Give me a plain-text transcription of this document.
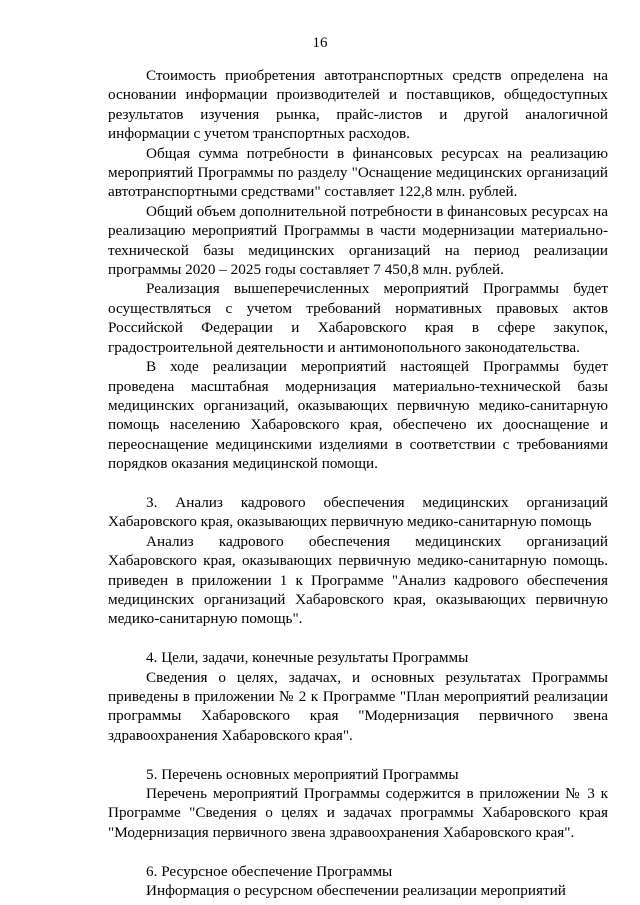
16

Стоимость приобретения автотранспортных средств определена на основании информации производителей и поставщиков, общедоступных результатов изучения рынка, прайс-листов и другой аналогичной информации с учетом транспортных расходов.

Общая сумма потребности в финансовых ресурсах на реализацию мероприятий Программы по разделу "Оснащение медицинских организаций автотранспортными средствами" составляет 122,8 млн. рублей.

Общий объем дополнительной потребности в финансовых ресурсах на реализацию мероприятий Программы в части модернизации материально-технической базы медицинских организаций на период реализации программы 2020 – 2025 годы составляет 7 450,8 млн. рублей.

Реализация вышеперечисленных мероприятий Программы будет осуществляться с учетом требований нормативных правовых актов Российской Федерации и Хабаровского края в сфере закупок, градостроительной деятельности и антимонопольного законодательства.

В ходе реализации мероприятий настоящей Программы будет проведена масштабная модернизация материально-технической базы медицинских организаций, оказывающих первичную медико-санитарную помощь населению Хабаровского края, обеспечено их дооснащение и переоснащение медицинскими изделиями в соответствии с требованиями порядков оказания медицинской помощи.

3. Анализ кадрового обеспечения медицинских организаций Хабаровского края, оказывающих первичную медико-санитарную помощь

Анализ кадрового обеспечения медицинских организаций Хабаровского края, оказывающих первичную медико-санитарную помощь. приведен в приложении 1 к Программе "Анализ кадрового обеспечения медицинских организаций Хабаровского края, оказывающих первичную медико-санитарную помощь".

4. Цели, задачи, конечные результаты Программы

Сведения о целях, задачах, и основных результатах Программы приведены в приложении № 2 к Программе "План мероприятий реализации программы Хабаровского края "Модернизация первичного звена здравоохранения Хабаровского края".

5. Перечень основных мероприятий Программы

Перечень мероприятий Программы содержится в приложении № 3 к Программе "Сведения о целях и задачах программы Хабаровского края "Модернизация первичного звена здравоохранения Хабаровского края".

6. Ресурсное обеспечение Программы

Информация о ресурсном обеспечении реализации мероприятий
